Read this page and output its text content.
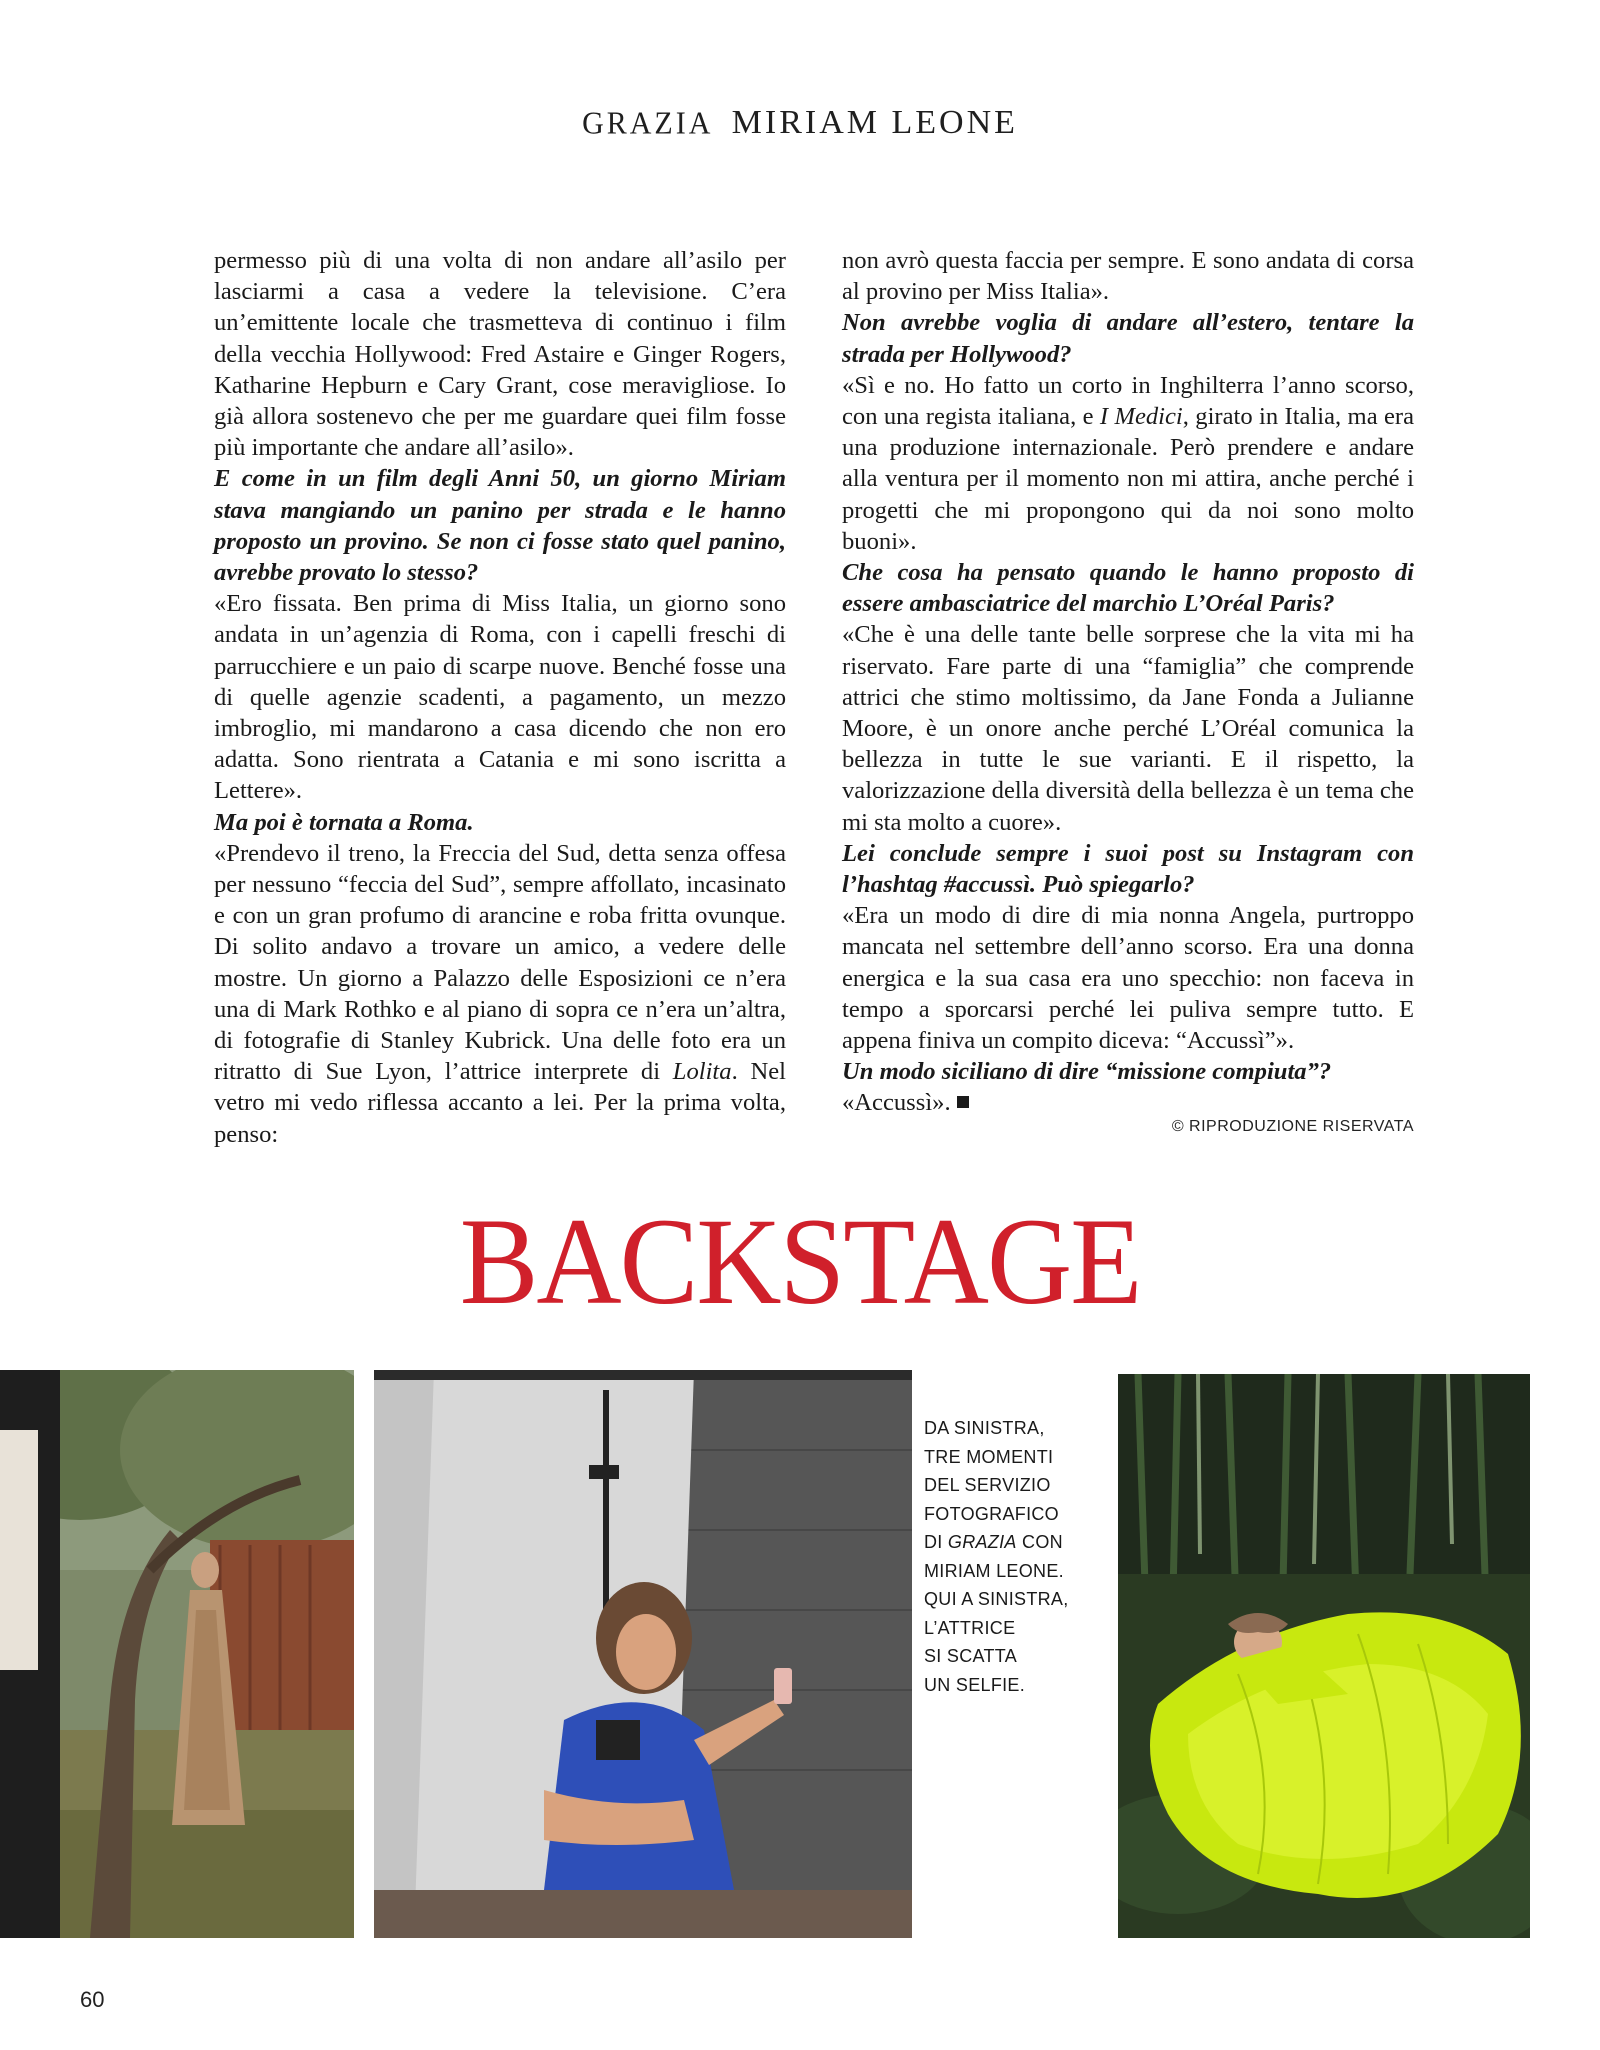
GRAZIA MIRIAM LEONE

permesso più di una volta di non andare all’asilo per lasciarmi a casa a vedere la televisione. C’era un’emittente locale che trasmetteva di continuo i film della vecchia Hollywood: Fred Astaire e Ginger Rogers, Katharine Hepburn e Cary Grant, cose meravigliose. Io già allora sostenevo che per me guardare quei film fosse più importante che andare all’asilo».

E come in un film degli Anni 50, un giorno Miriam stava mangiando un panino per strada e le hanno proposto un provino. Se non ci fosse stato quel panino, avrebbe provato lo stesso?

«Ero fissata. Ben prima di Miss Italia, un giorno sono andata in un’agenzia di Roma, con i capelli freschi di parrucchiere e un paio di scarpe nuove. Benché fosse una di quelle agenzie scadenti, a pagamento, un mezzo imbroglio, mi mandarono a casa dicendo che non ero adatta. Sono rientrata a Catania e mi sono iscritta a Lettere».

Ma poi è tornata a Roma.

«Prendevo il treno, la Freccia del Sud, detta senza offesa per nessuno “feccia del Sud”, sempre affollato, incasinato e con un gran profumo di arancine e roba fritta ovunque. Di solito andavo a trovare un amico, a vedere delle mostre. Un giorno a Palazzo delle Esposizioni ce n’era una di Mark Rothko e al piano di sopra ce n’era un’altra, di fotografie di Stanley Kubrick. Una delle foto era un ritratto di Sue Lyon, l’attrice interprete di Lolita. Nel vetro mi vedo riflessa accanto a lei. Per la prima volta, penso:

non avrò questa faccia per sempre. E sono andata di corsa al provino per Miss Italia».

Non avrebbe voglia di andare all’estero, tentare la strada per Hollywood?

«Sì e no. Ho fatto un corto in Inghilterra l’anno scorso, con una regista italiana, e I Medici, girato in Italia, ma era una produzione internazionale. Però prendere e andare alla ventura per il momento non mi attira, anche perché i progetti che mi propongono qui da noi sono molto buoni».

Che cosa ha pensato quando le hanno proposto di essere ambasciatrice del marchio L’Oréal Paris?

«Che è una delle tante belle sorprese che la vita mi ha riservato. Fare parte di una “famiglia” che comprende attrici che stimo moltissimo, da Jane Fonda a Julianne Moore, è un onore anche perché L’Oréal comunica la bellezza in tutte le sue varianti. E il rispetto, la valorizzazione della diversità della bellezza è un tema che mi sta molto a cuore».

Lei conclude sempre i suoi post su Instagram con l’hashtag #accussì. Può spiegarlo?

«Era un modo di dire di mia nonna Angela, purtroppo mancata nel settembre dell’anno scorso. Era una donna energica e la sua casa era uno specchio: non faceva in tempo a sporcarsi perché lei puliva sempre tutto. E appena finiva un compito diceva: “Accussì”».

Un modo siciliano di dire “missione compiuta”?

«Accussì».

© RIPRODUZIONE RISERVATA
BACKSTAGE
DA SINISTRA,
TRE MOMENTI
DEL SERVIZIO
FOTOGRAFICO
DI GRAZIA CON
MIRIAM LEONE.
QUI A SINISTRA,
L’ATTRICE
SI SCATTA
UN SELFIE.
60
